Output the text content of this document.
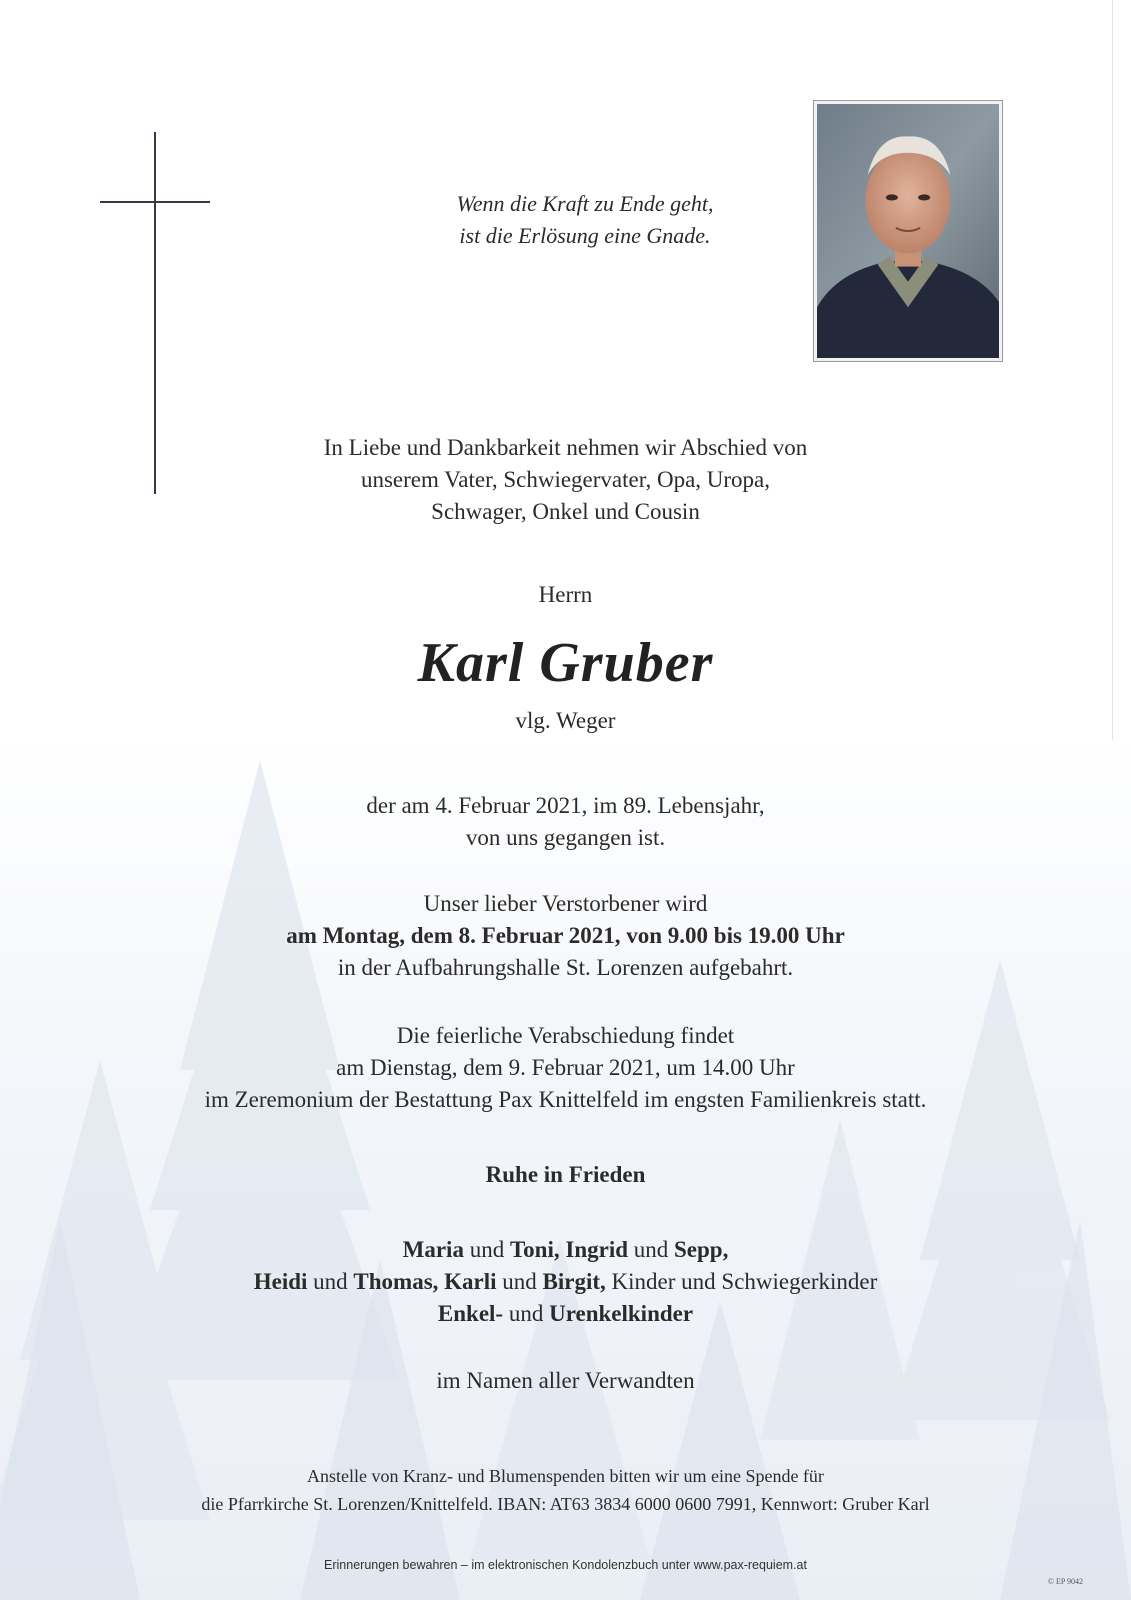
Wenn die Kraft zu Ende geht,
ist die Erlösung eine Gnade.
In Liebe und Dankbarkeit nehmen wir Abschied von
unserem Vater, Schwiegervater, Opa, Uropa,
Schwager, Onkel und Cousin
Herrn
Karl Gruber
vlg. Weger
der am 4. Februar 2021, im 89. Lebensjahr,
von uns gegangen ist.
Unser lieber Verstorbener wird
am Montag, dem 8. Februar 2021, von 9.00 bis 19.00 Uhr
in der Aufbahrungshalle St. Lorenzen aufgebahrt.
Die feierliche Verabschiedung findet
am Dienstag, dem 9. Februar 2021, um 14.00 Uhr
im Zeremonium der Bestattung Pax Knittelfeld im engsten Familienkreis statt.
Ruhe in Frieden
Maria und Toni, Ingrid und Sepp,
Heidi und Thomas, Karli und Birgit, Kinder und Schwiegerkinder
Enkel- und Urenkelkinder
im Namen aller Verwandten
Anstelle von Kranz- und Blumenspenden bitten wir um eine Spende für
die Pfarrkirche St. Lorenzen/Knittelfeld. IBAN: AT63 3834 6000 0600 7991, Kennwort: Gruber Karl
Erinnerungen bewahren – im elektronischen Kondolenzbuch unter www.pax-requiem.at
© EP 9042
